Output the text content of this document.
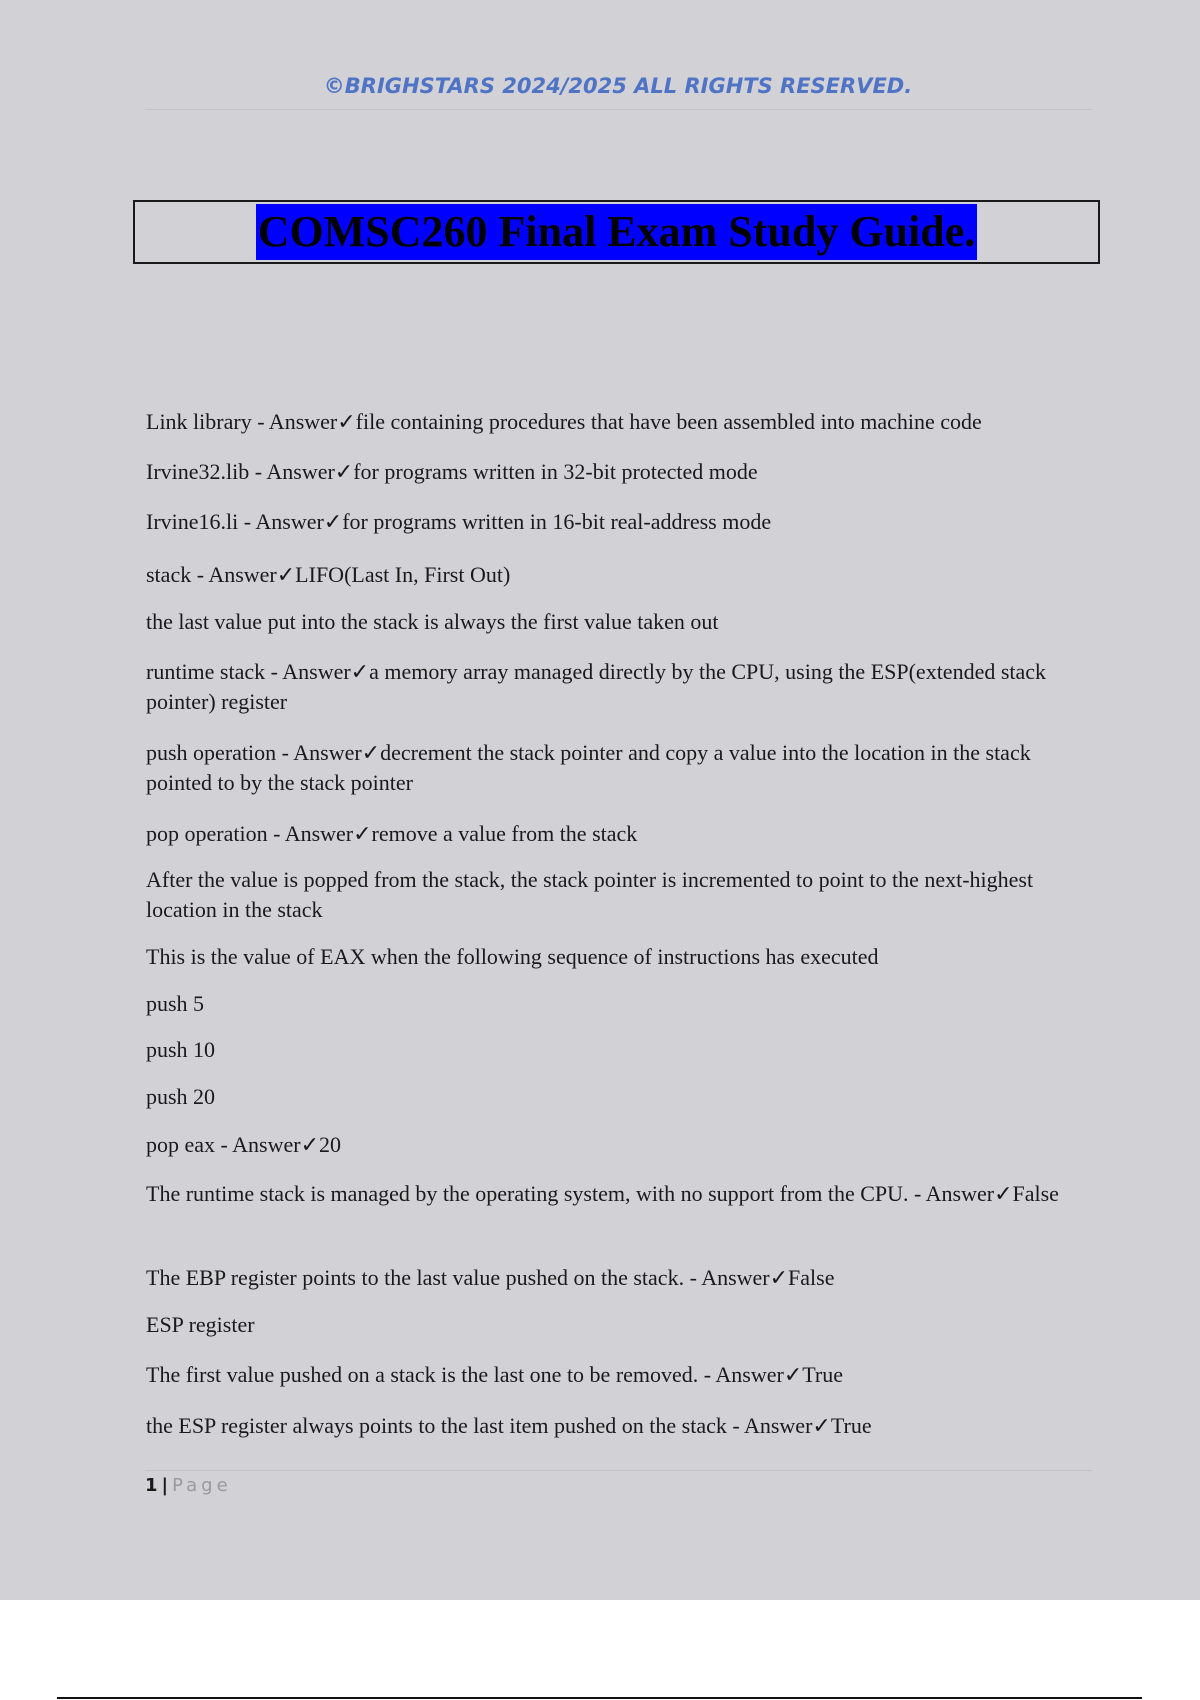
©BRIGHSTARS 2024/2025 ALL RIGHTS RESERVED.
COMSC260 Final Exam Study Guide.

Link library - Answer✓file containing procedures that have been assembled into machine code

Irvine32.lib - Answer✓for programs written in 32-bit protected mode

Irvine16.li - Answer✓for programs written in 16-bit real-address mode

stack - Answer✓LIFO(Last In, First Out)

the last value put into the stack is always the first value taken out

runtime stack - Answer✓a memory array managed directly by the CPU, using the ESP(extended stack pointer) register

push operation - Answer✓decrement the stack pointer and copy a value into the location in the stack pointed to by the stack pointer

pop operation - Answer✓remove a value from the stack

After the value is popped from the stack, the stack pointer is incremented to point to the next-highest location in the stack

This is the value of EAX when the following sequence of instructions has executed

push 5

push 10

push 20

pop eax - Answer✓20

The runtime stack is managed by the operating system, with no support from the CPU. - Answer✓False

The EBP register points to the last value pushed on the stack. - Answer✓False

ESP register

The first value pushed on a stack is the last one to be removed. - Answer✓True

the ESP register always points to the last item pushed on the stack - Answer✓True

1 | Page
